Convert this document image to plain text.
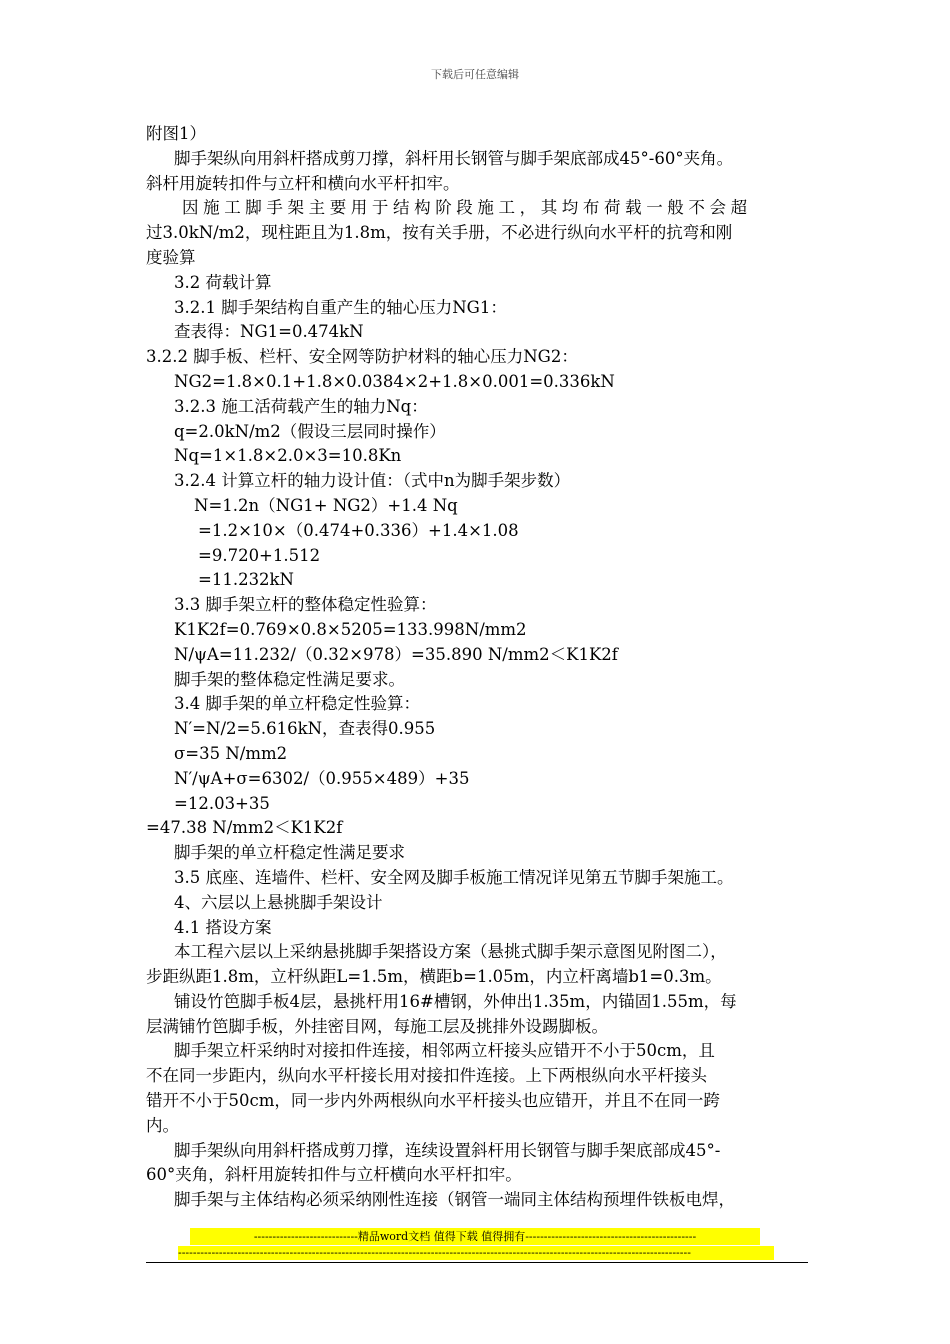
下载后可任意编辑

附图1）

脚手架纵向用斜杆搭成剪刀撑，斜杆用长钢管与脚手架底部成45°-60°夹角。

斜杆用旋转扣件与立杆和横向水平杆扣牢。

因施工脚手架主要用于结构阶段施工，其均布荷载一般不会超

过3.0kN/m2，现柱距且为1.8m，按有关手册，不必进行纵向水平杆的抗弯和刚

度验算

3.2 荷载计算

3.2.1 脚手架结构自重产生的轴心压力NG1：

查表得：NG1=0.474kN

3.2.2 脚手板、栏杆、安全网等防护材料的轴心压力NG2：

NG2=1.8×0.1+1.8×0.0384×2+1.8×0.001=0.336kN

3.2.3 施工活荷载产生的轴力Nq：

q=2.0kN/m2（假设三层同时操作）

Nq=1×1.8×2.0×3=10.8Kn

3.2.4 计算立杆的轴力设计值：（式中n为脚手架步数）

N=1.2n（NG1+ NG2）+1.4 Nq

=1.2×10×（0.474+0.336）+1.4×1.08

=9.720+1.512

=11.232kN

3.3 脚手架立杆的整体稳定性验算：

K1K2f=0.769×0.8×5205=133.998N/mm2

N/ψA=11.232/（0.32×978）=35.890 N/mm2＜K1K2f

脚手架的整体稳定性满足要求。

3.4 脚手架的单立杆稳定性验算：

N′=N/2=5.616kN，查表得0.955

σ=35 N/mm2

N′/ψA+σ=6302/（0.955×489）+35

=12.03+35

=47.38 N/mm2＜K1K2f

脚手架的单立杆稳定性满足要求

3.5 底座、连墙件、栏杆、安全网及脚手板施工情况详见第五节脚手架施工。

4、六层以上悬挑脚手架设计

4.1 搭设方案

本工程六层以上采纳悬挑脚手架搭设方案（悬挑式脚手架示意图见附图二），

步距纵距1.8m，立杆纵距L=1.5m，横距b=1.05m，内立杆离墙b1=0.3m。

铺设竹笆脚手板4层，悬挑杆用16#槽钢，外伸出1.35m，内锚固1.55m，每

层满铺竹笆脚手板，外挂密目网，每施工层及挑排外设踢脚板。

脚手架立杆采纳时对接扣件连接，相邻两立杆接头应错开不小于50cm，且

不在同一步距内，纵向水平杆接长用对接扣件连接。上下两根纵向水平杆接头

错开不小于50cm，同一步内外两根纵向水平杆接头也应错开，并且不在同一跨

内。

脚手架纵向用斜杆搭成剪刀撑，连续设置斜杆用长钢管与脚手架底部成45°-

60°夹角，斜杆用旋转扣件与立杆横向水平杆扣牢。

脚手架与主体结构必须采纳刚性连接（钢管一端同主体结构预埋件铁板电焊，

----------------------------精品word文档 值得下载 值得拥有----------------------------------------------
------------------------------------------------------------------------------------------------------------------------------------------
